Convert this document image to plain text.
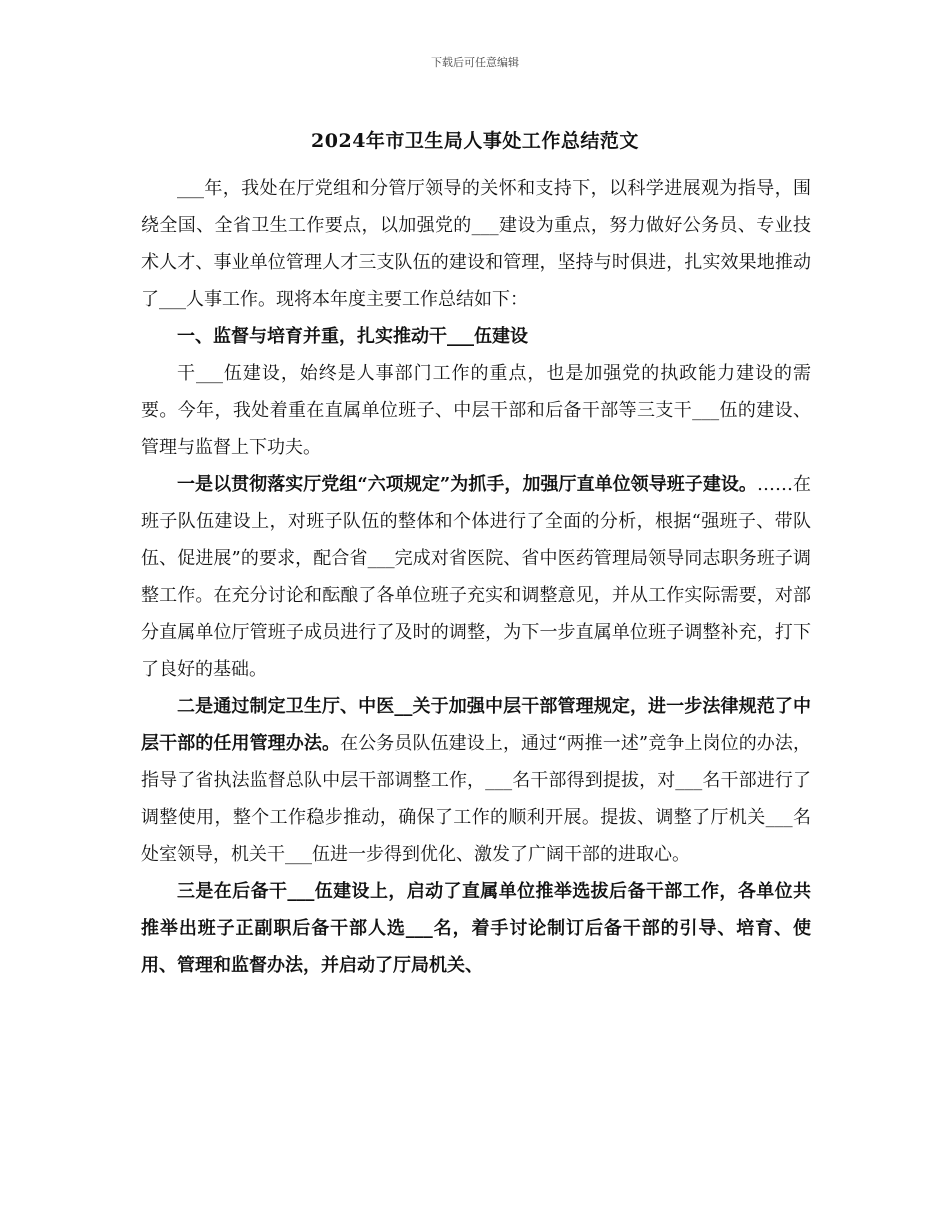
下载后可任意编辑
2024年市卫生局人事处工作总结范文

___年，我处在厅党组和分管厅领导的关怀和支持下，以科学进展观为指导，围绕全国、全省卫生工作要点，以加强党的___建设为重点，努力做好公务员、专业技术人才、事业单位管理人才三支队伍的建设和管理，坚持与时俱进，扎实效果地推动了___人事工作。现将本年度主要工作总结如下：

一、监督与培育并重，扎实推动干___伍建设

干___伍建设，始终是人事部门工作的重点，也是加强党的执政能力建设的需要。今年，我处着重在直属单位班子、中层干部和后备干部等三支干___伍的建设、管理与监督上下功夫。

一是以贯彻落实厅党组“六项规定”为抓手，加强厅直单位领导班子建设。……在班子队伍建设上，对班子队伍的整体和个体进行了全面的分析，根据“强班子、带队伍、促进展”的要求，配合省___完成对省医院、省中医药管理局领导同志职务班子调整工作。在充分讨论和酝酿了各单位班子充实和调整意见，并从工作实际需要，对部分直属单位厅管班子成员进行了及时的调整，为下一步直属单位班子调整补充，打下了良好的基础。

二是通过制定卫生厅、中医__关于加强中层干部管理规定，进一步法律规范了中层干部的任用管理办法。在公务员队伍建设上，通过“两推一述”竞争上岗位的办法，指导了省执法监督总队中层干部调整工作，___名干部得到提拔，对___名干部进行了调整使用，整个工作稳步推动，确保了工作的顺利开展。提拔、调整了厅机关___名处室领导，机关干___伍进一步得到优化、激发了广阔干部的进取心。

三是在后备干___伍建设上，启动了直属单位推举选拔后备干部工作，各单位共推举出班子正副职后备干部人选___名，着手讨论制订后备干部的引导、培育、使用、管理和监督办法，并启动了厅局机关、
